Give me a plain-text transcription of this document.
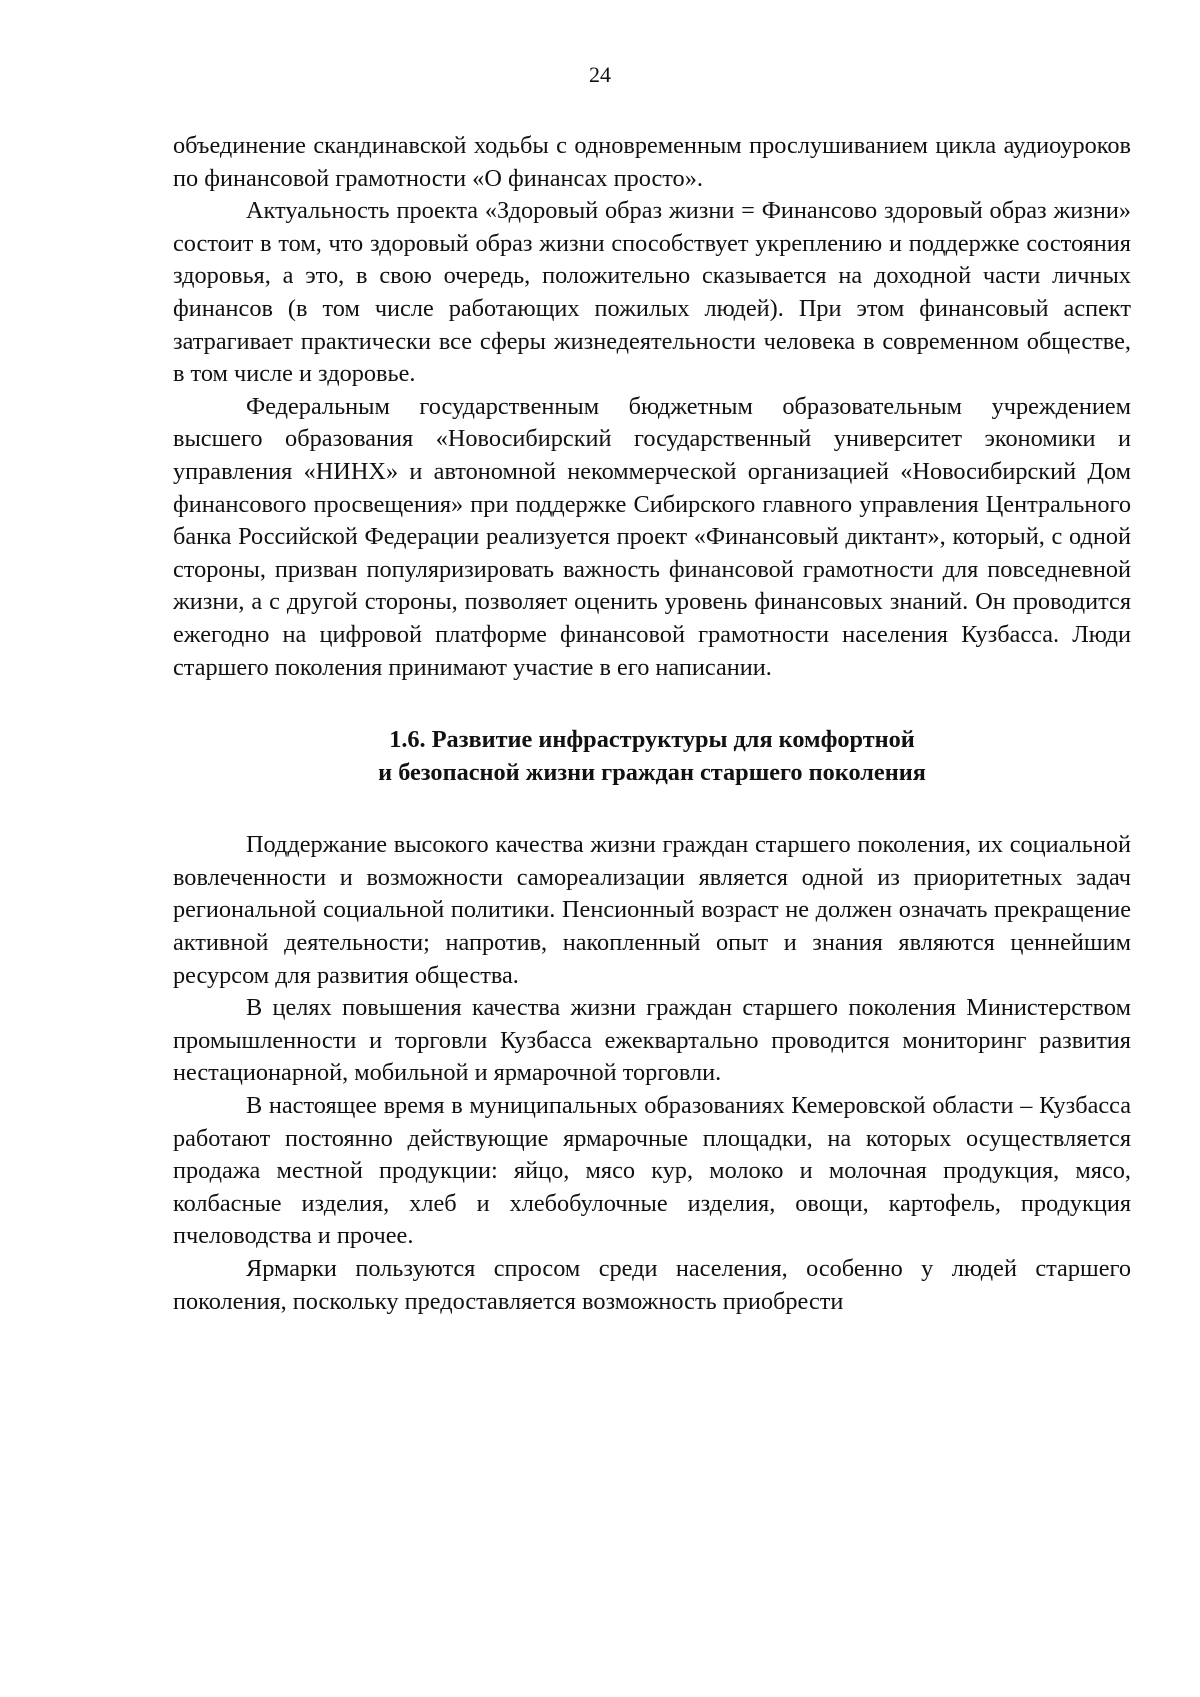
24

объединение скандинавской ходьбы с одновременным прослушиванием цикла аудиоуроков по финансовой грамотности «О финансах просто».

Актуальность проекта «Здоровый образ жизни = Финансово здоровый образ жизни» состоит в том, что здоровый образ жизни способствует укреплению и поддержке состояния здоровья, а это, в свою очередь, положительно сказывается на доходной части личных финансов (в том числе работающих пожилых людей). При этом финансовый аспект затрагивает практически все сферы жизнедеятельности человека в современном обществе, в том числе и здоровье.

Федеральным государственным бюджетным образовательным учреждением высшего образования «Новосибирский государственный университет экономики и управления «НИНХ» и автономной некоммерческой организацией «Новосибирский Дом финансового просвещения» при поддержке Сибирского главного управления Центрального банка Российской Федерации реализуется проект «Финансовый диктант», который, с одной стороны, призван популяризировать важность финансовой грамотности для повседневной жизни, а с другой стороны, позволяет оценить уровень финансовых знаний. Он проводится ежегодно на цифровой платформе финансовой грамотности населения Кузбасса. Люди старшего поколения принимают участие в его написании.

1.6. Развитие инфраструктуры для комфортной
и безопасной жизни граждан старшего поколения

Поддержание высокого качества жизни граждан старшего поколения, их социальной вовлеченности и возможности самореализации является одной из приоритетных задач региональной социальной политики. Пенсионный возраст не должен означать прекращение активной деятельности; напротив, накопленный опыт и знания являются ценнейшим ресурсом для развития общества.

В целях повышения качества жизни граждан старшего поколения Министерством промышленности и торговли Кузбасса ежеквартально проводится мониторинг развития нестационарной, мобильной и ярмарочной торговли.

В настоящее время в муниципальных образованиях Кемеровской области – Кузбасса работают постоянно действующие ярмарочные площадки, на которых осуществляется продажа местной продукции: яйцо, мясо кур, молоко и молочная продукция, мясо, колбасные изделия, хлеб и хлебобулочные изделия, овощи, картофель, продукция пчеловодства и прочее.

Ярмарки пользуются спросом среди населения, особенно у людей старшего поколения, поскольку предоставляется возможность приобрести
